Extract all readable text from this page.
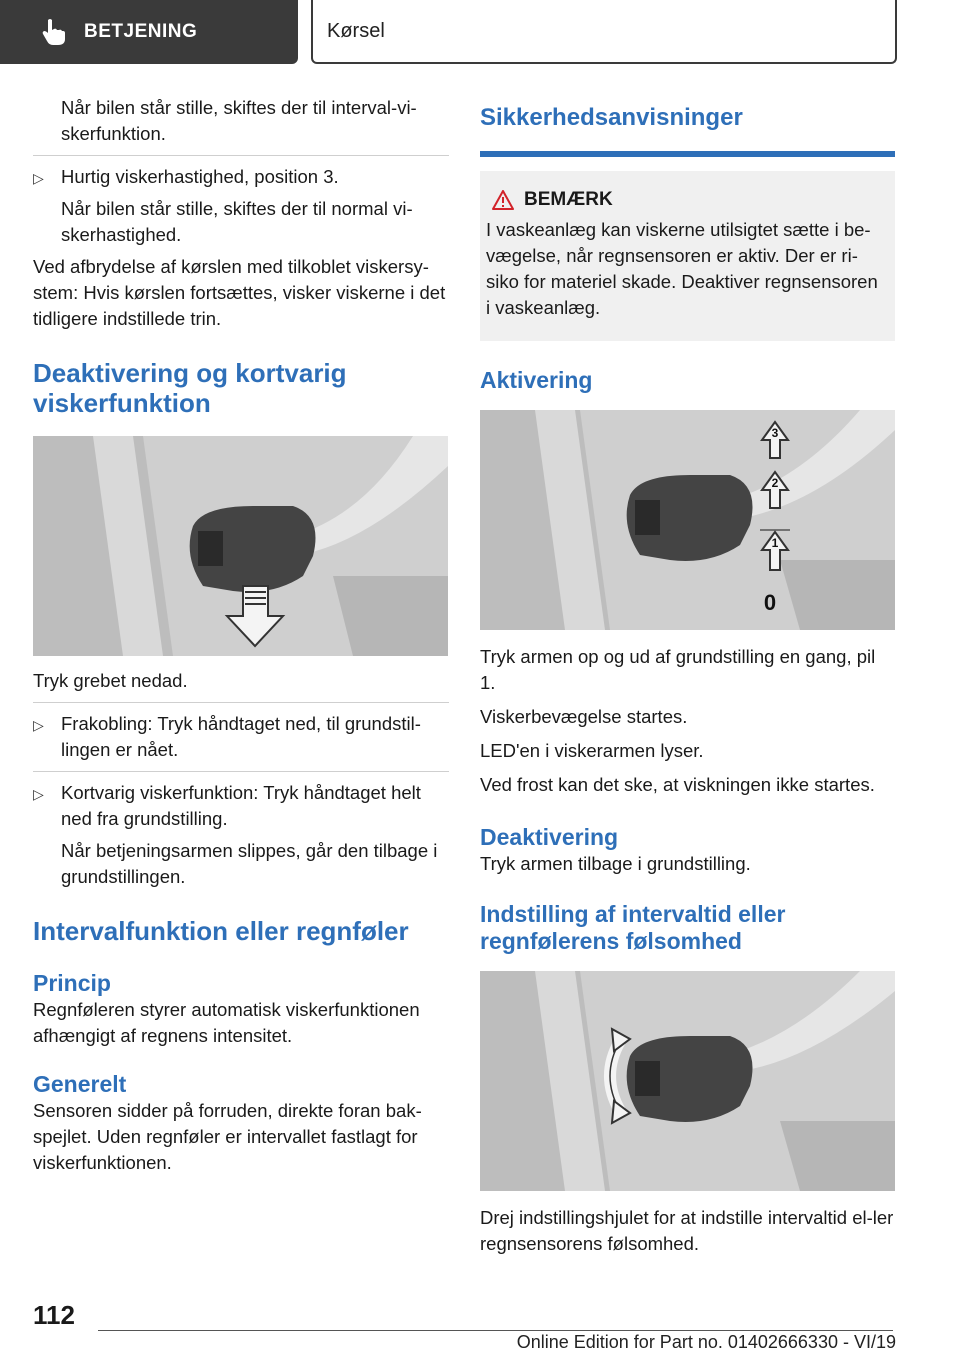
BETJENING	Kørsel

Når bilen står stille, skiftes der til interval-vi-skerfunktion.

▷ Hurtig viskerhastighed, position 3.

Når bilen står stille, skiftes der til normal vi-skerhastighed.

Ved afbrydelse af kørslen med tilkoblet viskersy-stem: Hvis kørslen fortsættes, visker viskerne i det tidligere indstillede trin.

Deaktivering og kortvarig viskerfunktion

Tryk grebet nedad.

▷ Frakobling: Tryk håndtaget ned, til grundstil-lingen er nået.

▷ Kortvarig viskerfunktion: Tryk håndtaget helt ned fra grundstilling.

Når betjeningsarmen slippes, går den tilbage i grundstillingen.

Intervalfunktion eller regnføler
Princip

Regnføleren styrer automatisk viskerfunktionen afhængigt af regnens intensitet.

Generelt

Sensoren sidder på forruden, direkte foran bak-spejlet. Uden regnføler er intervallet fastlagt for viskerfunktionen.

Sikkerhedsanvisninger
BEMÆRK

I vaskeanlæg kan viskerne utilsigtet sætte i be-vægelse, når regnsensoren er aktiv. Der er ri-siko for materiel skade. Deaktiver regnsensoren i vaskeanlæg.

Aktivering
3
2
1
0

Tryk armen op og ud af grundstilling en gang, pil 1.

Viskerbevægelse startes.

LED'en i viskerarmen lyser.

Ved frost kan det ske, at viskningen ikke startes.

Deaktivering

Tryk armen tilbage i grundstilling.

Indstilling af intervaltid eller regnfølerens følsomhed

Drej indstillingshjulet for at indstille intervaltid el-ler regnsensorens følsomhed.

112
Online Edition for Part no. 01402666330 - VI/19
